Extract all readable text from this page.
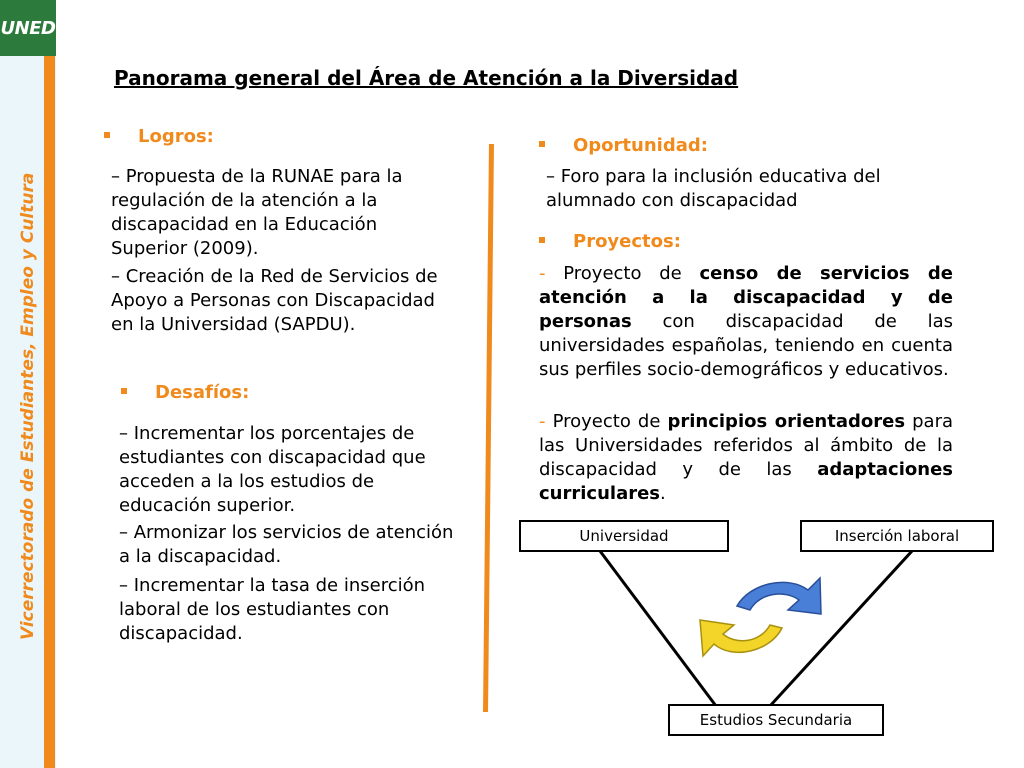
UNED
Vicerrectorado de Estudiantes, Empleo y Cultura
Panorama general del Área de Atención a la Diversidad
Logros:
– Propuesta de la RUNAE para la regulación de la atención a la discapacidad en la Educación Superior (2009).
– Creación de la Red de Servicios de Apoyo a Personas con Discapacidad en la Universidad (SAPDU).
Desafíos:
– Incrementar los porcentajes de estudiantes con discapacidad que acceden a la los estudios de educación superior.
– Armonizar los servicios de atención a la discapacidad.
– Incrementar la tasa de inserción laboral de los estudiantes con discapacidad.
Oportunidad:
– Foro para la inclusión educativa del alumnado con discapacidad
Proyectos:
- Proyecto de censo de servicios de atención a la discapacidad y de personas con discapacidad de las universidades españolas, teniendo en cuenta sus perfiles socio-demográficos y educativos.
- Proyecto de principios orientadores para las Universidades referidos al ámbito de la discapacidad y de las adaptaciones curriculares.
Universidad	Inserción laboral
Estudios Secundaria
